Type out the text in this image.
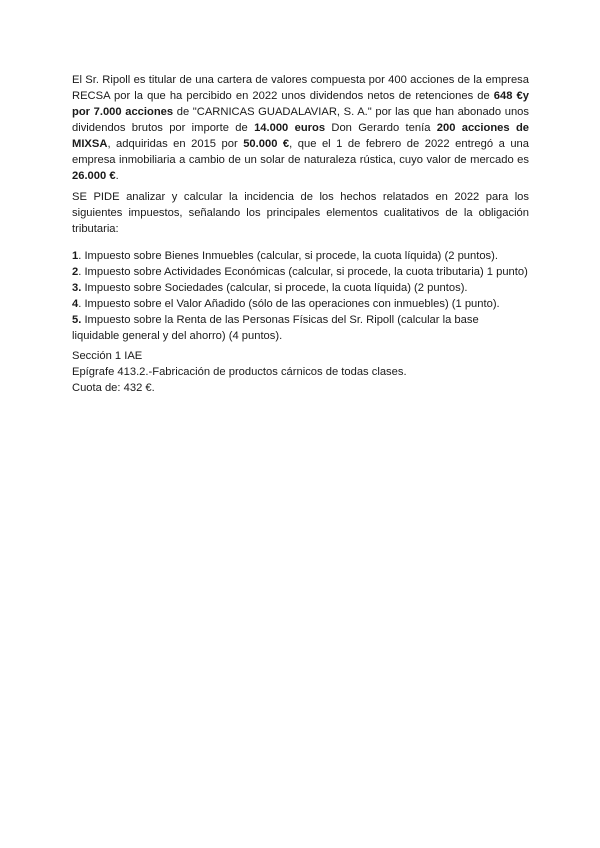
El Sr. Ripoll es titular de una cartera de valores compuesta por 400 acciones de la empresa RECSA por la que ha percibido en 2022 unos dividendos netos de retenciones de 648 €y por 7.000 acciones de "CARNICAS GUADALAVIAR, S. A." por las que han abonado unos dividendos brutos por importe de 14.000 euros Don Gerardo tenía 200 acciones de MIXSA, adquiridas en 2015 por 50.000 €, que el 1 de febrero de 2022 entregó a una empresa inmobiliaria a cambio de un solar de naturaleza rústica, cuyo valor de mercado es 26.000 €.

SE PIDE analizar y calcular la incidencia de los hechos relatados en 2022 para los siguientes impuestos, señalando los principales elementos cualitativos de la obligación tributaria:

1. Impuesto sobre Bienes Inmuebles (calcular, si procede, la cuota líquida) (2 puntos).
2. Impuesto sobre Actividades Económicas (calcular, si procede, la cuota tributaria) 1 punto)
3. Impuesto sobre Sociedades (calcular, si procede, la cuota líquida) (2 puntos).
4. Impuesto sobre el Valor Añadido (sólo de las operaciones con inmuebles) (1 punto).
5. Impuesto sobre la Renta de las Personas Físicas del Sr. Ripoll (calcular la base liquidable general y del ahorro) (4 puntos).
Sección 1 IAE
Epígrafe 413.2.-Fabricación de productos cárnicos de todas clases.
Cuota de: 432 €.
